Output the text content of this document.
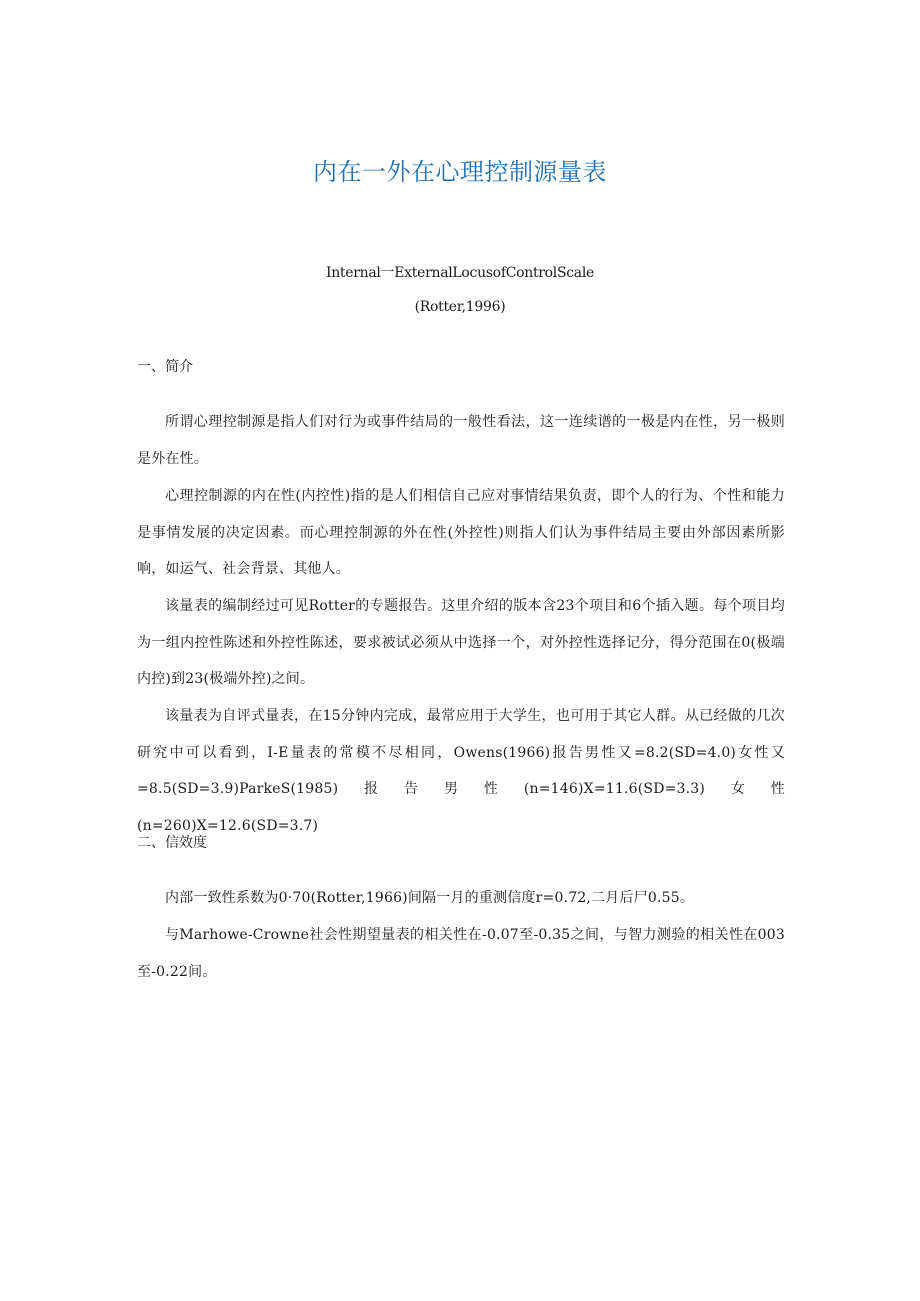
内在一外在心理控制源量表

Internal一ExternalLocusofControlScale

(Rotter,1996)

一、简介

所谓心理控制源是指人们对行为或事件结局的一般性看法，这一连续谱的一极是内在性，另一极则是外在性。

心理控制源的内在性(内控性)指的是人们相信自己应对事情结果负责，即个人的行为、个性和能力是事情发展的决定因素。而心理控制源的外在性(外控性)则指人们认为事件结局主要由外部因素所影响，如运气、社会背景、其他人。

该量表的编制经过可见Rotter的专题报告。这里介绍的版本含23个项目和6个插入题。每个项目均为一组内控性陈述和外控性陈述，要求被试必须从中选择一个，对外控性选择记分，得分范围在0(极端内控)到23(极端外控)之间。

该量表为自评式量表，在15分钟内完成，最常应用于大学生，也可用于其它人群。从已经做的几次研究中可以看到，I-E量表的常模不尽相同，Owens(1966)报告男性又=8.2(SD=4.0)女性又=8.5(SD=3.9)ParkeS(1985)报告男性(n=146)X=11.6(SD=3.3)女性(n=260)X=12.6(SD=3.7)

二、信效度

内部一致性系数为0·70(Rotter,1966)间隔一月的重测信度r=0.72,二月后尸0.55。

与Marhowe-Crowne社会性期望量表的相关性在-0.07至-0.35之间，与智力测验的相关性在003至-0.22间。
